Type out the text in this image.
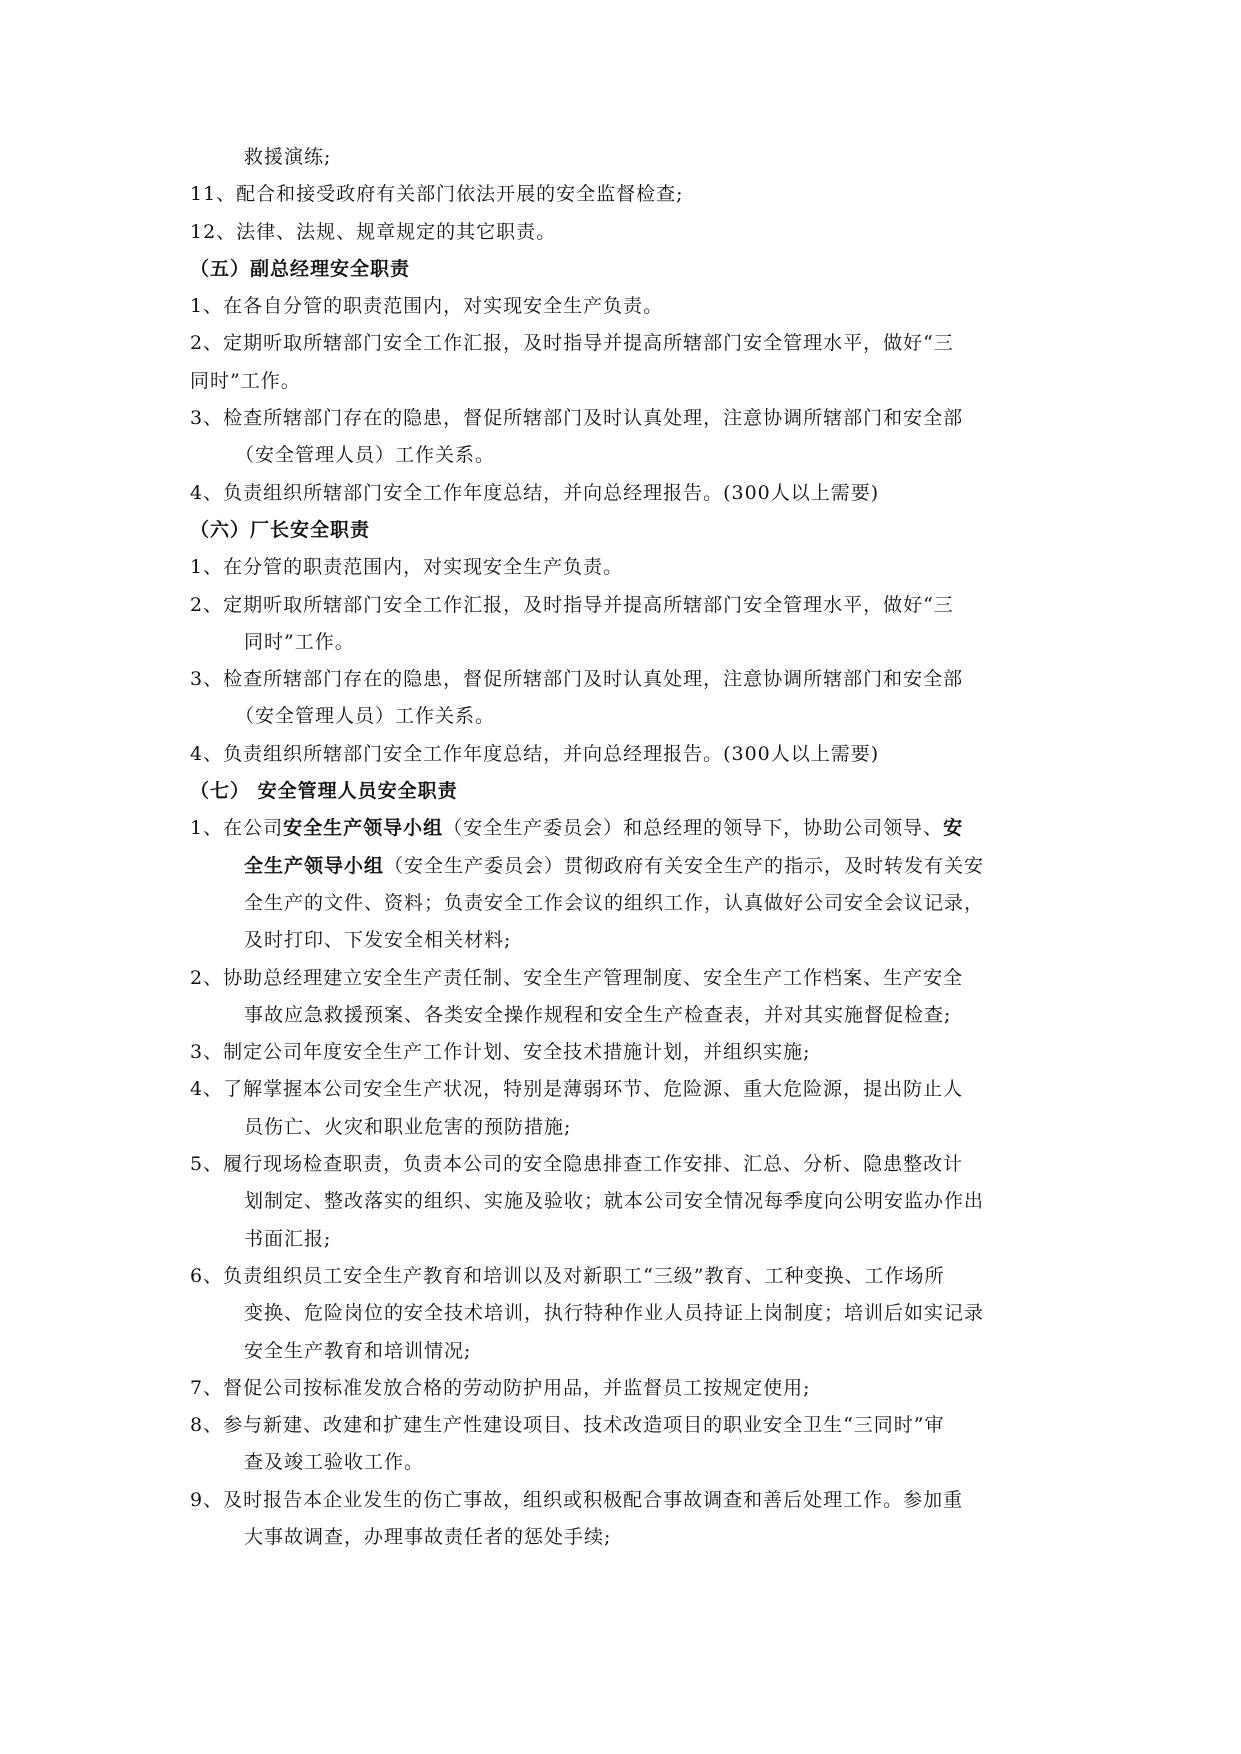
救援演练;
11、配合和接受政府有关部门依法开展的安全监督检查;
12、法律、法规、规章规定的其它职责。
（五）副总经理安全职责
1、在各自分管的职责范围内，对实现安全生产负责。
2、定期听取所辖部门安全工作汇报，及时指导并提高所辖部门安全管理水平，做好“三
同时”工作。
3、检查所辖部门存在的隐患，督促所辖部门及时认真处理，注意协调所辖部门和安全部
（安全管理人员）工作关系。
4、负责组织所辖部门安全工作年度总结，并向总经理报告。(300人以上需要)
（六）厂长安全职责
1、在分管的职责范围内，对实现安全生产负责。
2、定期听取所辖部门安全工作汇报，及时指导并提高所辖部门安全管理水平，做好“三
同时”工作。
3、检查所辖部门存在的隐患，督促所辖部门及时认真处理，注意协调所辖部门和安全部
（安全管理人员）工作关系。
4、负责组织所辖部门安全工作年度总结，并向总经理报告。(300人以上需要)
（七） 安全管理人员安全职责
1、在公司安全生产领导小组（安全生产委员会）和总经理的领导下，协助公司领导、安
全生产领导小组（安全生产委员会）贯彻政府有关安全生产的指示，及时转发有关安
全生产的文件、资料；负责安全工作会议的组织工作，认真做好公司安全会议记录，
及时打印、下发安全相关材料;
2、协助总经理建立安全生产责任制、安全生产管理制度、安全生产工作档案、生产安全
事故应急救援预案、各类安全操作规程和安全生产检查表，并对其实施督促检查;
3、制定公司年度安全生产工作计划、安全技术措施计划，并组织实施;
4、了解掌握本公司安全生产状况，特别是薄弱环节、危险源、重大危险源，提出防止人
员伤亡、火灾和职业危害的预防措施;
5、履行现场检查职责，负责本公司的安全隐患排查工作安排、汇总、分析、隐患整改计
划制定、整改落实的组织、实施及验收；就本公司安全情况每季度向公明安监办作出
书面汇报;
6、负责组织员工安全生产教育和培训以及对新职工“三级”教育、工种变换、工作场所
变换、危险岗位的安全技术培训，执行特种作业人员持证上岗制度；培训后如实记录
安全生产教育和培训情况;
7、督促公司按标准发放合格的劳动防护用品，并监督员工按规定使用;
8、参与新建、改建和扩建生产性建设项目、技术改造项目的职业安全卫生“三同时”审
查及竣工验收工作。
9、及时报告本企业发生的伤亡事故，组织或积极配合事故调查和善后处理工作。参加重
大事故调查，办理事故责任者的惩处手续;
